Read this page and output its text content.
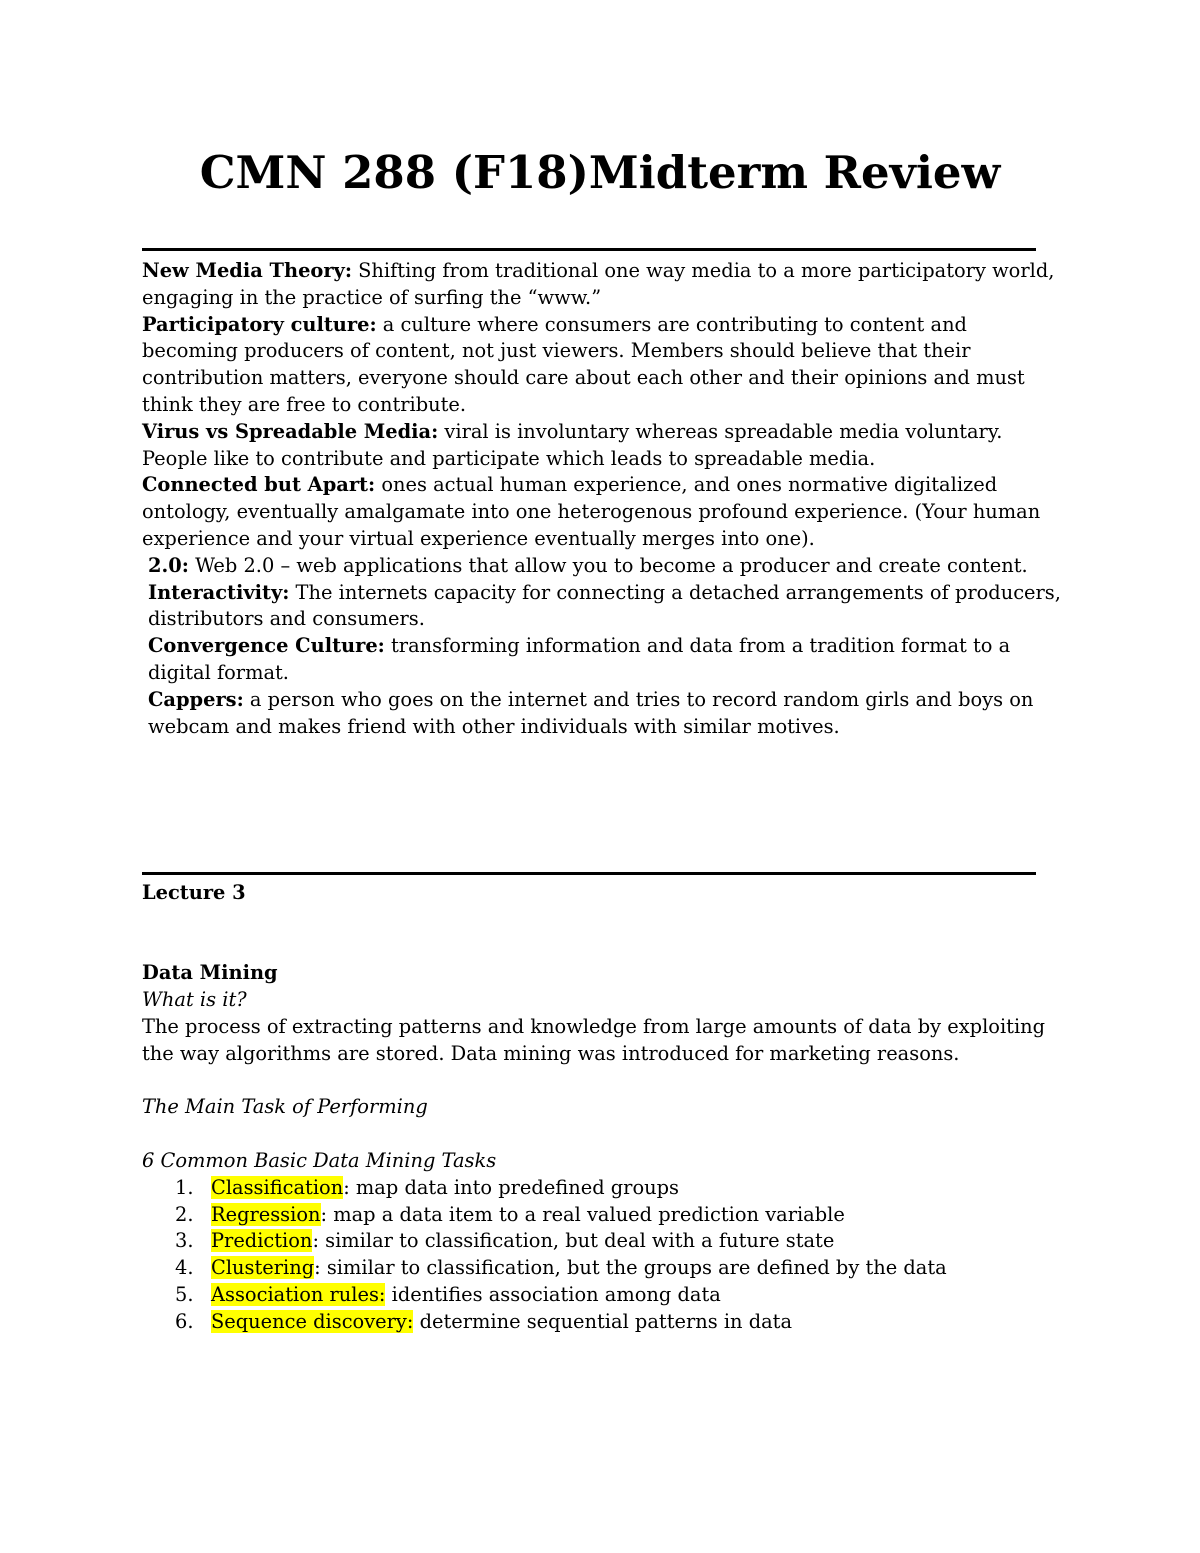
CMN 288 (F18)Midterm Review

New Media Theory: Shifting from traditional one way media to a more participatory world, engaging in the practice of surfing the “www.”

Participatory culture: a culture where consumers are contributing to content and becoming producers of content, not just viewers. Members should believe that their contribution matters, everyone should care about each other and their opinions and must think they are free to contribute.

Virus vs Spreadable Media: viral is involuntary whereas spreadable media voluntary. People like to contribute and participate which leads to spreadable media.

Connected but Apart: ones actual human experience, and ones normative digitalized ontology, eventually amalgamate into one heterogenous profound experience. (Your human experience and your virtual experience eventually merges into one).

2.0: Web 2.0 – web applications that allow you to become a producer and create content.

Interactivity: The internets capacity for connecting a detached arrangements of producers, distributors and consumers.

Convergence Culture: transforming information and data from a tradition format to a digital format.

Cappers: a person who goes on the internet and tries to record random girls and boys on webcam and makes friend with other individuals with similar motives.

Lecture 3

Data Mining

What is it?

The process of extracting patterns and knowledge from large amounts of data by exploiting the way algorithms are stored. Data mining was introduced for marketing reasons.

The Main Task of Performing

6 Common Basic Data Mining Tasks

1. Classification: map data into predefined groups
2. Regression: map a data item to a real valued prediction variable
3. Prediction: similar to classification, but deal with a future state
4. Clustering: similar to classification, but the groups are defined by the data
5. Association rules: identifies association among data
6. Sequence discovery: determine sequential patterns in data
